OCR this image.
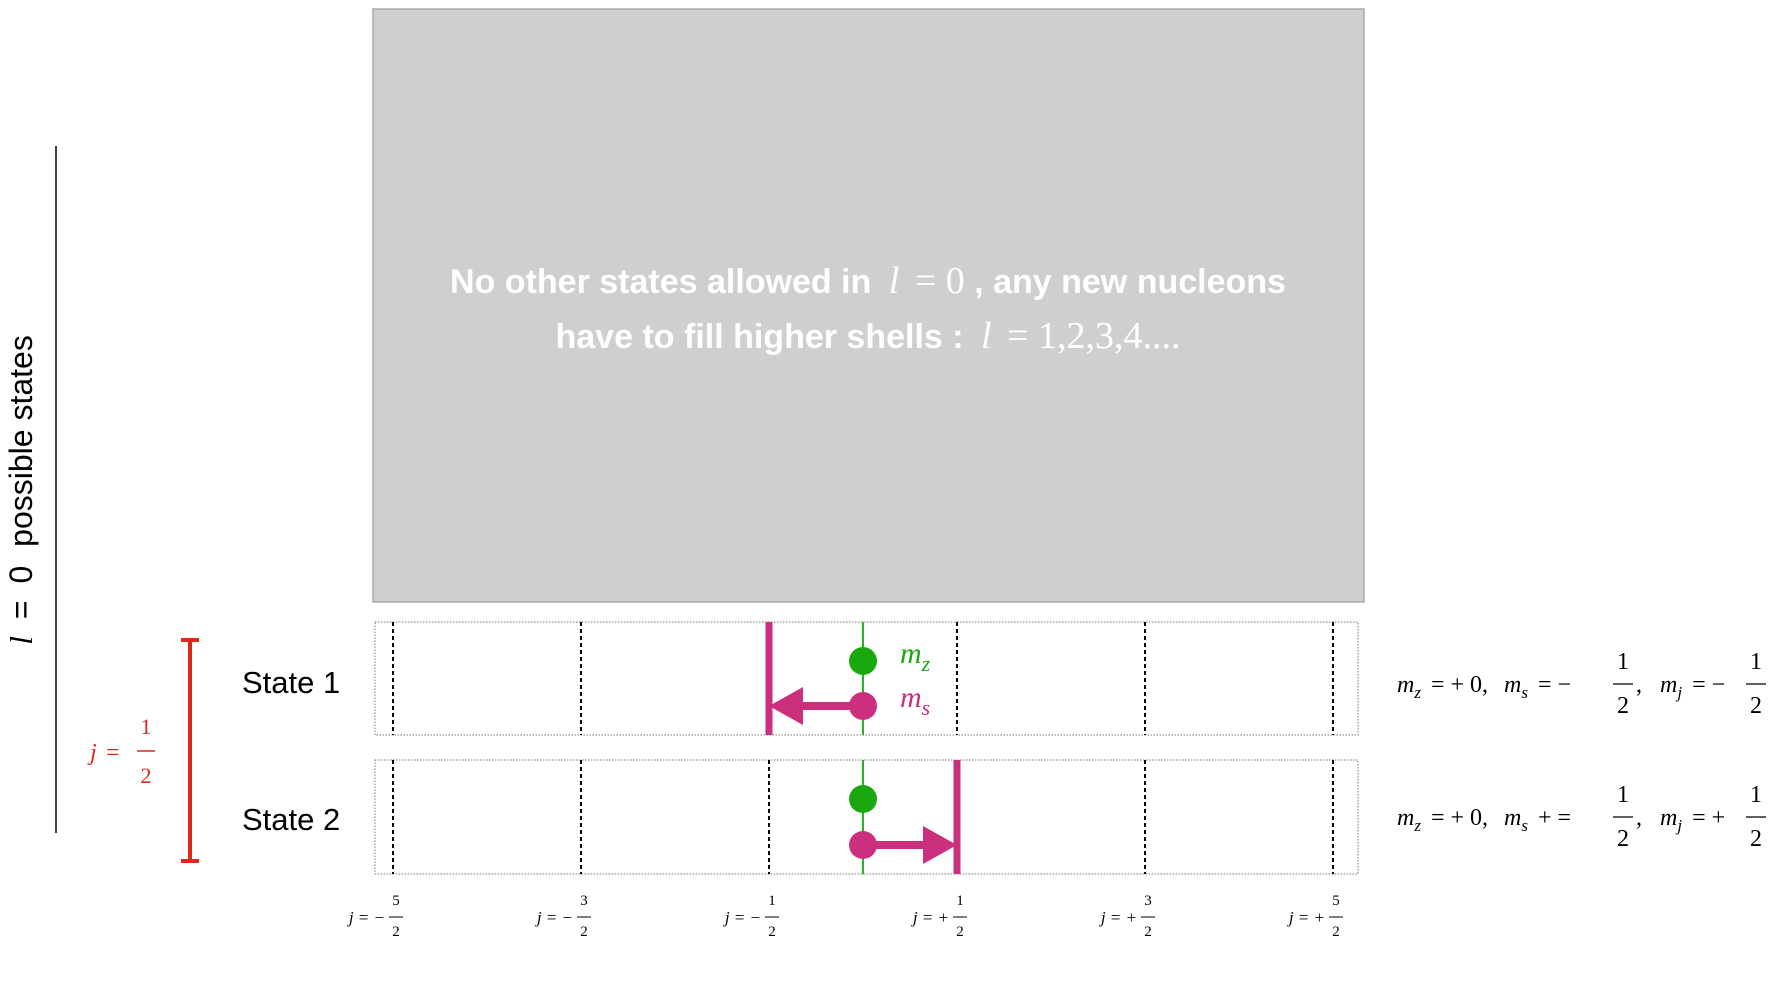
l = 0 possible states
j =
1
2
No other states allowed in l = 0 , any new nucleons
have to fill higher shells : l = 1,2,3,4....
$m_z$
$m_s$
State 1
State 2
$m_z$ = + 0, $m_s$ = −
1
2
, $m_j$ = −
1
2
$m_z$ = + 0, $m_s$ + =
1
2
, $m_j$ = +
1
2
j = −
5
2
j = −
3
2
j = −
1
2
j = +
1
2
j = +
3
2
j = +
5
2
